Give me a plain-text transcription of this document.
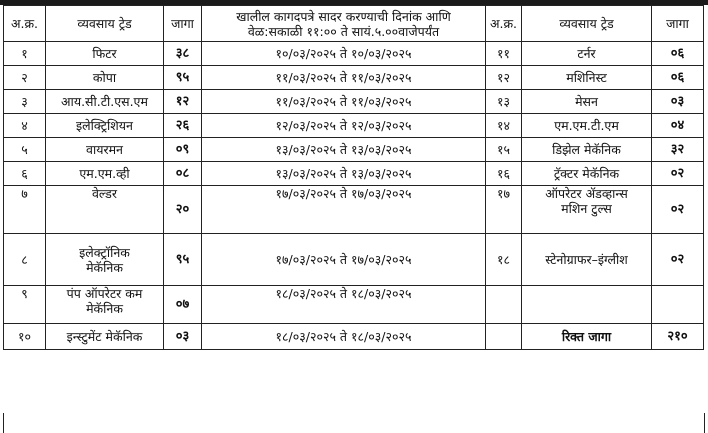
अ.क्र.	व्यवसाय ट्रेड	जागा	खालील कागदपत्रे सादर करण्याची दिनांक आणि
वेळ:सकाळी ११:०० ते सायं.५.००वाजेपर्यंत	अ.क्र.	व्यवसाय ट्रेड	जागा
१	फिटर	३८	१०/०३/२०२५ ते १०/०३/२०२५	११	टर्नर	०६
२	कोपा	९५	११/०३/२०२५ ते ११/०३/२०२५	१२	मशिनिस्ट	०६
३	आय.सी.टी.एस.एम	१२	११/०३/२०२५ ते ११/०३/२०२५	१३	मेसन	०३
४	इलेक्ट्रिशियन	२६	१२/०३/२०२५ ते १२/०३/२०२५	१४	एम.एम.टी.एम	०४
५	वायरमन	०९	१३/०३/२०२५ ते १३/०३/२०२५	१५	डिझेल मेकॅनिक	३२
६	एम.एम.व्ही	०८	१३/०३/२०२५ ते १३/०३/२०२५	१६	ट्रॅक्टर मेकॅनिक	०२
७	वेल्डर	२०	१७/०३/२०२५ ते १७/०३/२०२५	१७	ऑपरेटर ॲडव्हान्स
मशिन टुल्स	०२
८	इलेक्ट्रॉनिक
मेकॅनिक	९५	१७/०३/२०२५ ते १७/०३/२०२५	१८	स्टेनोग्राफर–इंग्लीश	०२
९	पंप ऑपरेटर कम
मेकॅनिक	०७	१८/०३/२०२५ ते १८/०३/२०२५		

१०	इन्स्टुमेंट मेकॅनिक	०३	१८/०३/२०२५ ते १८/०३/२०२५		रिक्त जागा	२१०
